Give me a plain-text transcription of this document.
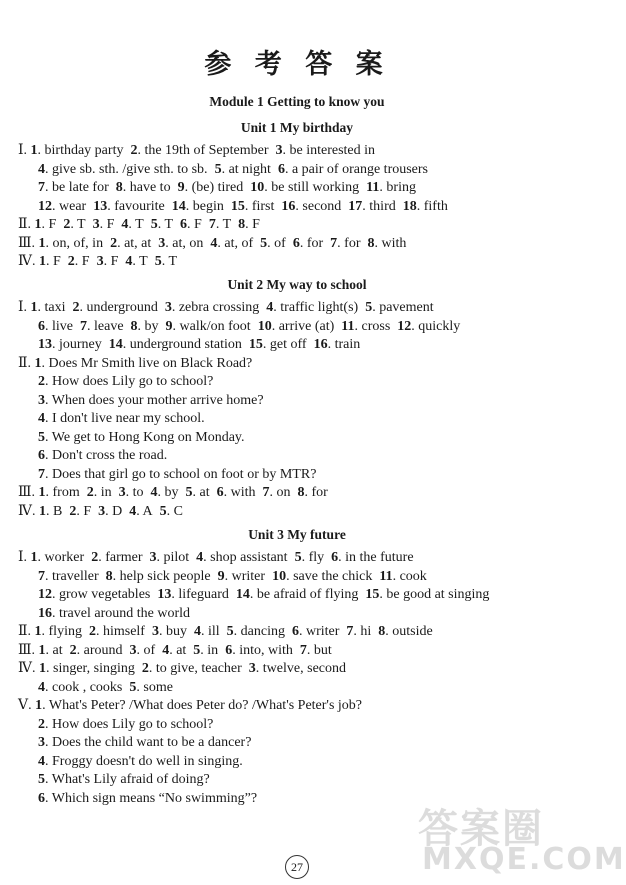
参 考 答 案
Module 1 Getting to know you
Unit 1 My birthday
Ⅰ. 1. birthday party  2. the 19th of September  3. be interested in
4. give sb. sth. /give sth. to sb.  5. at night  6. a pair of orange trousers
7. be late for  8. have to  9. (be) tired  10. be still working  11. bring
12. wear  13. favourite  14. begin  15. first  16. second  17. third  18. fifth
Ⅱ. 1. F  2. T  3. F  4. T  5. T  6. F  7. T  8. F
Ⅲ. 1. on, of, in  2. at, at  3. at, on  4. at, of  5. of  6. for  7. for  8. with
Ⅳ. 1. F  2. F  3. F  4. T  5. T
Unit 2 My way to school
Ⅰ. 1. taxi  2. underground  3. zebra crossing  4. traffic light(s)  5. pavement
6. live  7. leave  8. by  9. walk/on foot  10. arrive (at)  11. cross  12. quickly
13. journey  14. underground station  15. get off  16. train
Ⅱ. 1. Does Mr Smith live on Black Road?
2. How does Lily go to school?
3. When does your mother arrive home?
4. I don't live near my school.
5. We get to Hong Kong on Monday.
6. Don't cross the road.
7. Does that girl go to school on foot or by MTR?
Ⅲ. 1. from  2. in  3. to  4. by  5. at  6. with  7. on  8. for
Ⅳ. 1. B  2. F  3. D  4. A  5. C
Unit 3 My future
Ⅰ. 1. worker  2. farmer  3. pilot  4. shop assistant  5. fly  6. in the future
7. traveller  8. help sick people  9. writer  10. save the chick  11. cook
12. grow vegetables  13. lifeguard  14. be afraid of flying  15. be good at singing
16. travel around the world
Ⅱ. 1. flying  2. himself  3. buy  4. ill  5. dancing  6. writer  7. hi  8. outside
Ⅲ. 1. at  2. around  3. of  4. at  5. in  6. into, with  7. but
Ⅳ. 1. singer, singing  2. to give, teacher  3. twelve, second
4. cook , cooks  5. some
Ⅴ. 1. What's Peter? /What does Peter do? /What's Peter's job?
2. How does Lily go to school?
3. Does the child want to be a dancer?
4. Froggy doesn't do well in singing.
5. What's Lily afraid of doing?
6. Which sign means “No swimming”?
27
答案圈
MXQE.COM
